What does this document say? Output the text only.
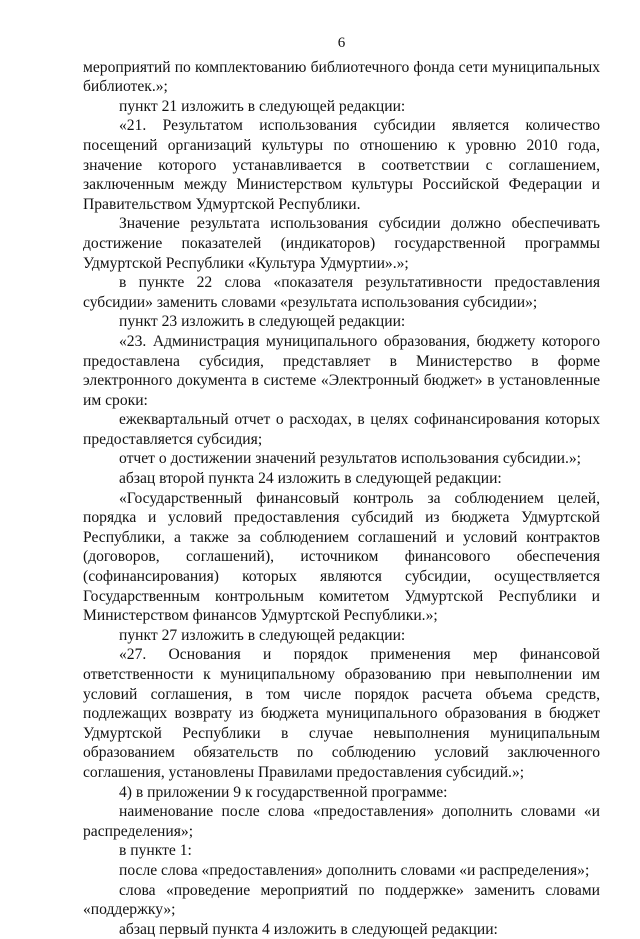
6

мероприятий по комплектованию библиотечного фонда сети муниципальных библиотек.»;

пункт 21 изложить в следующей редакции:

«21. Результатом использования субсидии является количество посещений организаций культуры по отношению к уровню 2010 года, значение которого устанавливается в соответствии с соглашением, заключенным между Министерством культуры Российской Федерации и Правительством Удмуртской Республики.

Значение результата использования субсидии должно обеспечивать достижение показателей (индикаторов) государственной программы Удмуртской Республики «Культура Удмуртии».»;

в пункте 22 слова «показателя результативности предоставления субсидии» заменить словами «результата использования субсидии»;

пункт 23 изложить в следующей редакции:

«23. Администрация муниципального образования, бюджету которого предоставлена субсидия, представляет в Министерство в форме электронного документа в системе «Электронный бюджет» в установленные им сроки:

ежеквартальный отчет о расходах, в целях софинансирования которых предоставляется субсидия;

отчет о достижении значений результатов использования субсидии.»;

абзац второй пункта 24 изложить в следующей редакции:

«Государственный финансовый контроль за соблюдением целей, порядка и условий предоставления субсидий из бюджета Удмуртской Республики, а также за соблюдением соглашений и условий контрактов (договоров, соглашений), источником финансового обеспечения (софинансирования) которых являются субсидии, осуществляется Государственным контрольным комитетом Удмуртской Республики и Министерством финансов Удмуртской Республики.»;

пункт 27 изложить в следующей редакции:

«27. Основания и порядок применения мер финансовой ответственности к муниципальному образованию при невыполнении им условий соглашения, в том числе порядок расчета объема средств, подлежащих возврату из бюджета муниципального образования в бюджет Удмуртской Республики в случае невыполнения муниципальным образованием обязательств по соблюдению условий заключенного соглашения, установлены Правилами предоставления субсидий.»;

4) в приложении 9 к государственной программе:

наименование после слова «предоставления» дополнить словами «и распределения»;

в пункте 1:

после слова «предоставления» дополнить словами «и распределения»;

слова «проведение мероприятий по поддержке» заменить словами «поддержку»;

абзац первый пункта 4 изложить в следующей редакции:
